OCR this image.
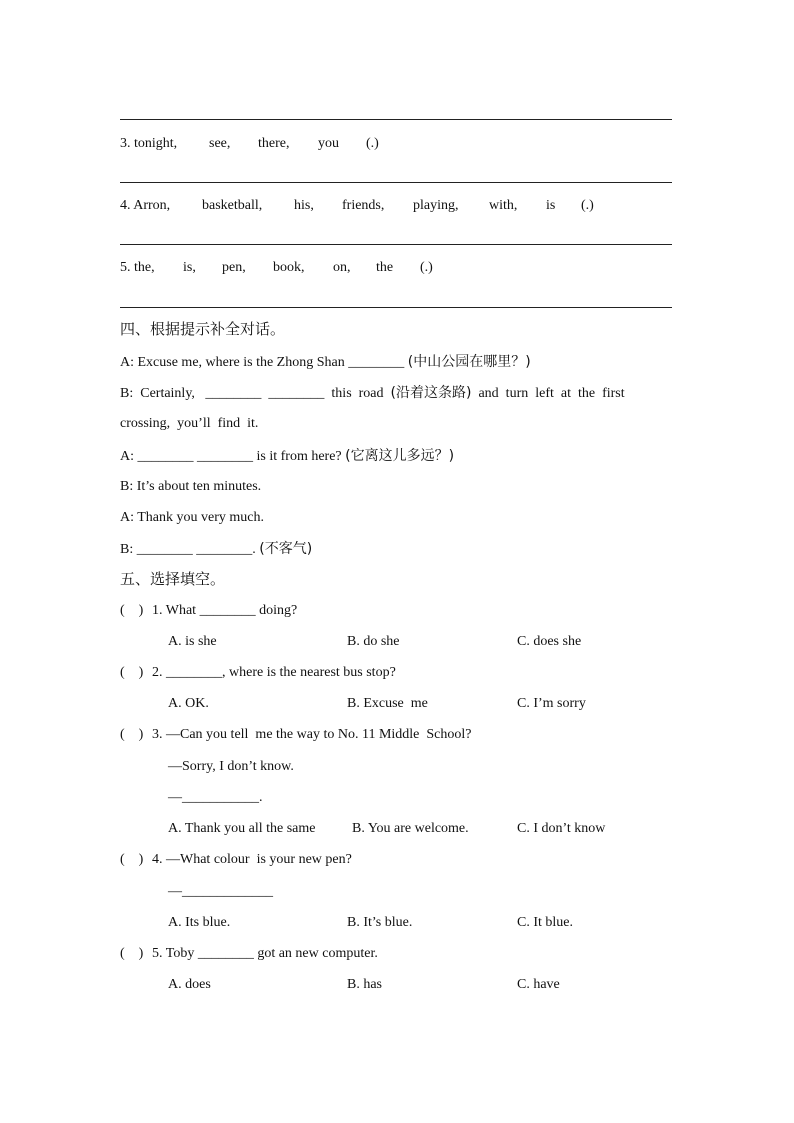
3. tonight, see, there, you (.)
4. Arron, basketball, his, friends, playing, with, is (.)
5. the, is, pen, book, on, the (.)
四、根据提示补全对话。
A: Excuse me, where is the Zhong Shan ________ (中山公园在哪里？)
B:  Certainly,   ________  ________  this  road  (沿着这条路)  and  turn  left  at  the  first
crossing,  you’ll  find  it.
A: ________ ________ is it from here? (它离这儿多远？)
B: It’s about ten minutes.
A: Thank you very much.
B: ________ ________. (不客气)
五、选择填空。
(    ) 1. What ________ doing?
A. is she	B. do she	C. does she
(    ) 2. ________, where is the nearest bus stop?
A. OK.	B. Excuse  me	C. I’m sorry
(    ) 3. —Can you tell  me the way to No. 11 Middle  School?
—Sorry, I don’t know.
—___________.
A. Thank you all the same	B. You are welcome.	C. I don’t know
(    ) 4. —What colour  is your new pen?
—_____________
A. Its blue.	B. It’s blue.	C. It blue.
(    ) 5. Toby ________ got an new computer.
A. does	B. has	C. have
